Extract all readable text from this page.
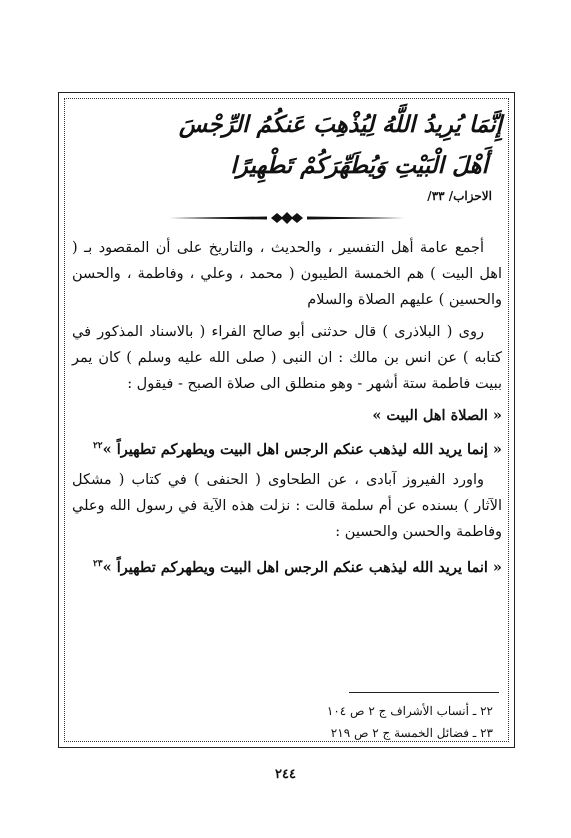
إِنَّمَا يُرِيدُ اللَّهُ لِيُذْهِبَ عَنكُمُ الرِّجْسَ

أَهْلَ الْبَيْتِ وَيُطَهِّرَكُمْ تَطْهِيرًا

الاحزاب/ ٣٣/

أجمع عامة أهل التفسير ، والحديث ، والتاريخ على أن المقصود بـ ( اهل البيت ) هم الخمسة الطيبون ( محمد ، وعلي ، وفاطمة ، والحسن والحسين ) عليهم الصلاة والسلام

روى ( البلاذرى ) قال حدثنى أبو صالح الفراء ( بالاسناد المذكور في كتابه ) عن انس بن مالك : ان النبى ( صلى الله عليه وسلم ) كان يمر ببيت فاطمة ستة أشهر - وهو منطلق الى صلاة الصبح - فيقول :

« الصلاة اهل البيت »

« إنما يريد الله ليذهب عنكم الرجس اهل البيت ويطهركم تطهيراً »$^{٢٢}$

واورد الفيروز آبادى ، عن الطحاوى ( الحنفى ) في كتاب ( مشكل الآثار ) بسنده عن أم سلمة قالت : نزلت هذه الآية في رسول الله وعلي وفاطمة والحسن والحسين :

« انما يريد الله ليذهب عنكم الرجس اهل البيت ويطهركم تطهيراً »$^{٢٣}$

٢٢ ـ أنساب الأشراف ج ٢ ص ١٠٤
٢٣ ـ فضائل الخمسة ج ٢ ص ٢١٩
٢٤٤
